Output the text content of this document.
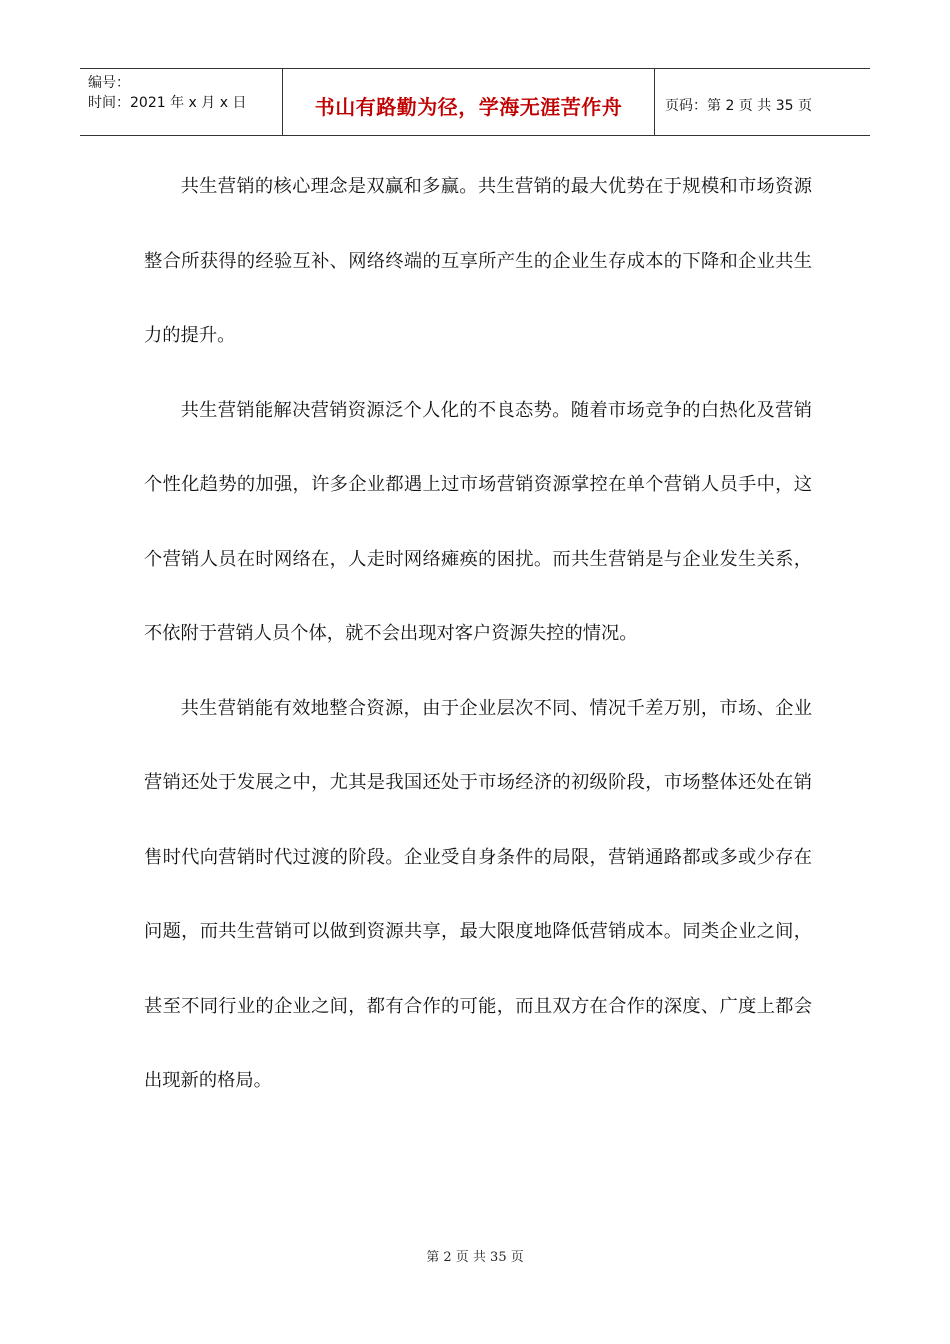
编号：
时间：2021 年 x 月 x 日	书山有路勤为径，学海无涯苦作舟	页码：第 2 页 共 35 页

共生营销的核心理念是双赢和多赢。共生营销的最大优势在于规模和市场资源整合所获得的经验互补、网络终端的互享所产生的企业生存成本的下降和企业共生力的提升。

共生营销能解决营销资源泛个人化的不良态势。随着市场竞争的白热化及营销个性化趋势的加强，许多企业都遇上过市场营销资源掌控在单个营销人员手中，这个营销人员在时网络在，人走时网络瘫痪的困扰。而共生营销是与企业发生关系，不依附于营销人员个体，就不会出现对客户资源失控的情况。

共生营销能有效地整合资源，由于企业层次不同、情况千差万别，市场、企业营销还处于发展之中，尤其是我国还处于市场经济的初级阶段，市场整体还处在销售时代向营销时代过渡的阶段。企业受自身条件的局限，营销通路都或多或少存在问题，而共生营销可以做到资源共享，最大限度地降低营销成本。同类企业之间，甚至不同行业的企业之间，都有合作的可能，而且双方在合作的深度、广度上都会出现新的格局。

第 2 页 共 35 页
